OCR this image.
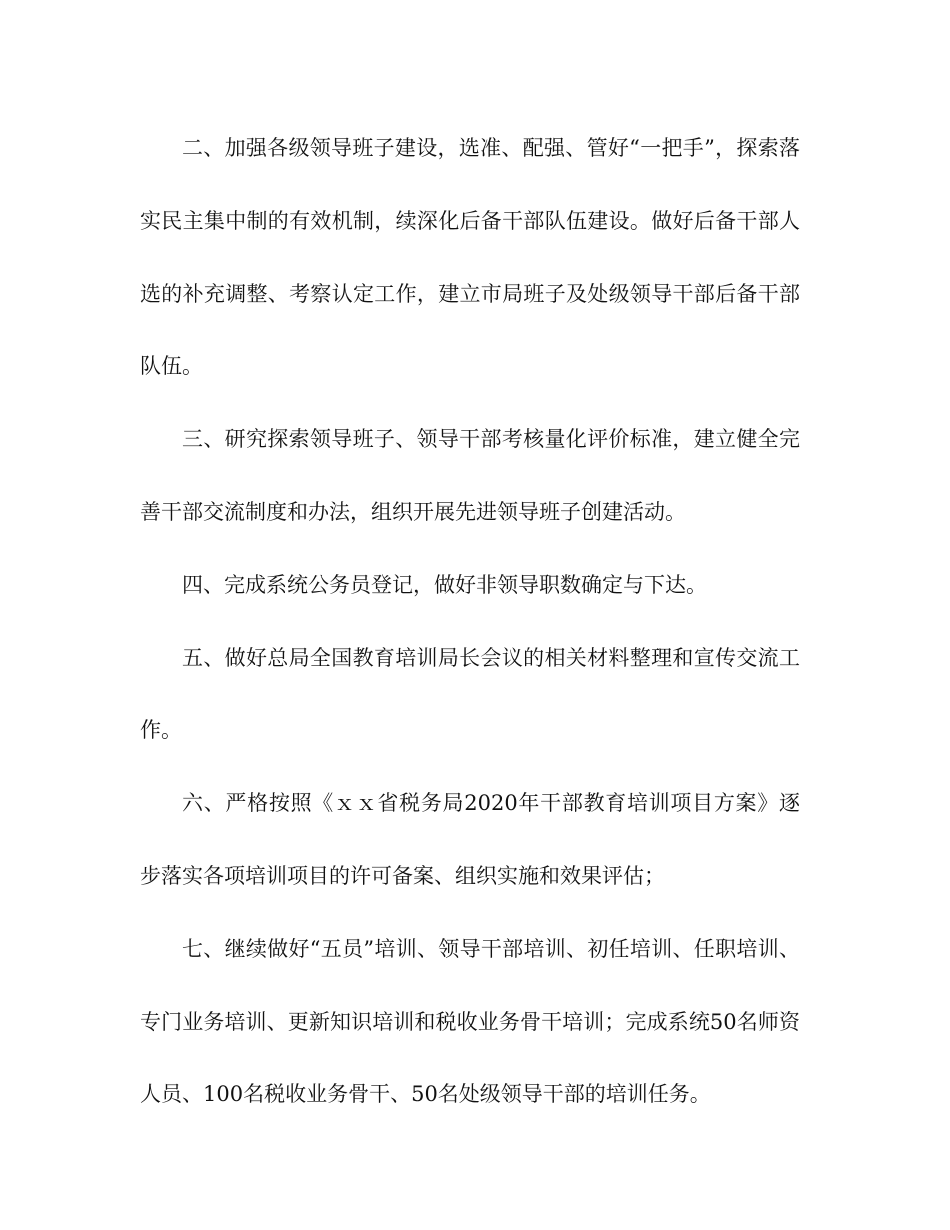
二、加强各级领导班子建设，选准、配强、管好“一把手”，探索落实民主集中制的有效机制，续深化后备干部队伍建设。做好后备干部人选的补充调整、考察认定工作，建立市局班子及处级领导干部后备干部队伍。

三、研究探索领导班子、领导干部考核量化评价标准，建立健全完善干部交流制度和办法，组织开展先进领导班子创建活动。

四、完成系统公务员登记，做好非领导职数确定与下达。

五、做好总局全国教育培训局长会议的相关材料整理和宣传交流工作。

六、严格按照《ｘｘ省税务局2020年干部教育培训项目方案》逐步落实各项培训项目的许可备案、组织实施和效果评估；

七、继续做好“五员”培训、领导干部培训、初任培训、任职培训、专门业务培训、更新知识培训和税收业务骨干培训；完成系统50名师资人员、100名税收业务骨干、50名处级领导干部的培训任务。
